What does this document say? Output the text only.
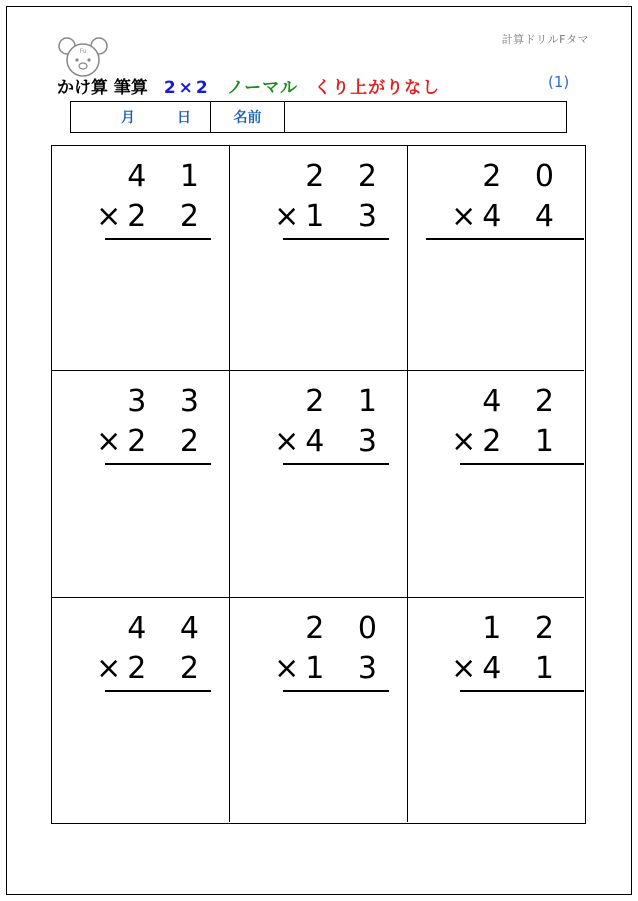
Fu
計算ドリルFタマ
かけ算 筆算 2×2 ノーマル くり上がりなし	(1)
月	日	名前
4 1
× 2 2
2 2
× 1 3
2 0
× 4 4
3 3
× 2 2
2 1
× 4 3
4 2
× 2 1
4 4
× 2 2
2 0
× 1 3
1 2
× 4 1
